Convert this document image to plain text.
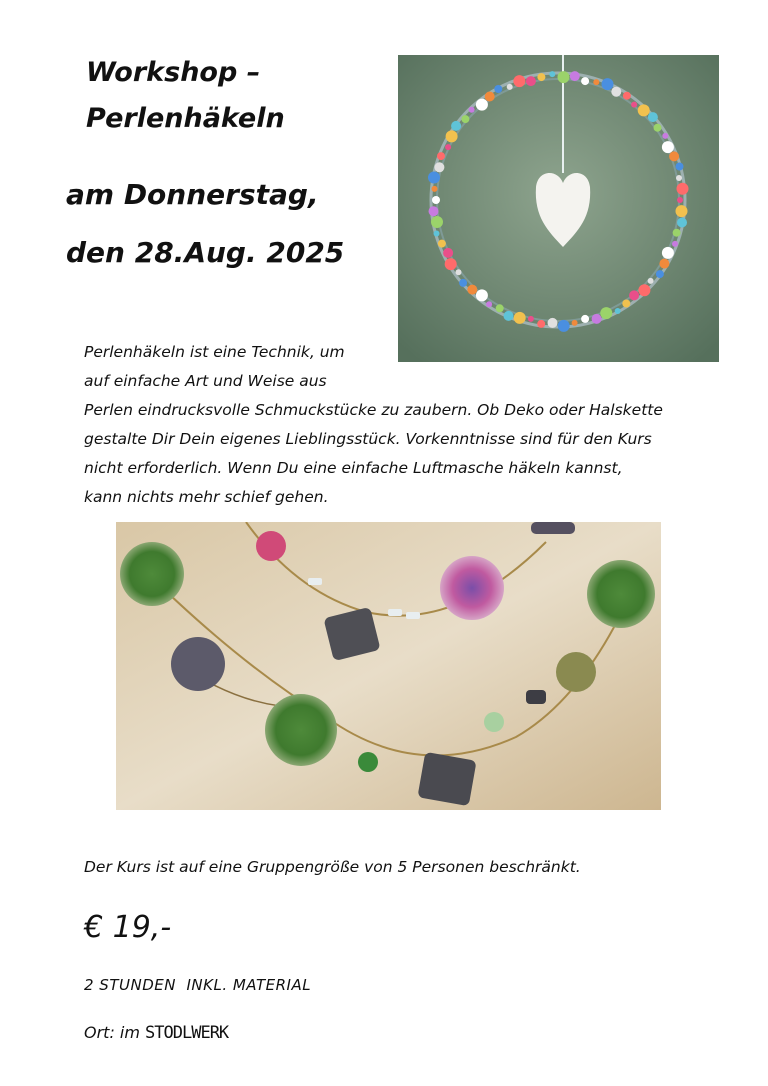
Workshop –
Perlenhäkeln
am Donnerstag,
den 28.Aug. 2025
Perlenhäkeln ist eine Technik, um
auf einfache Art und Weise aus
Perlen eindrucksvolle Schmuckstücke zu zaubern. Ob Deko oder Halskette
gestalte Dir Dein eigenes Lieblingsstück. Vorkenntnisse sind für den Kurs
nicht erforderlich. Wenn Du eine einfache Luftmasche häkeln kannst,
kann nichts mehr schief gehen.
Der Kurs ist auf eine Gruppengröße von 5 Personen beschränkt.
€ 19,-
2 STUNDEN  INKL. MATERIAL
Ort: im STODLWERK
